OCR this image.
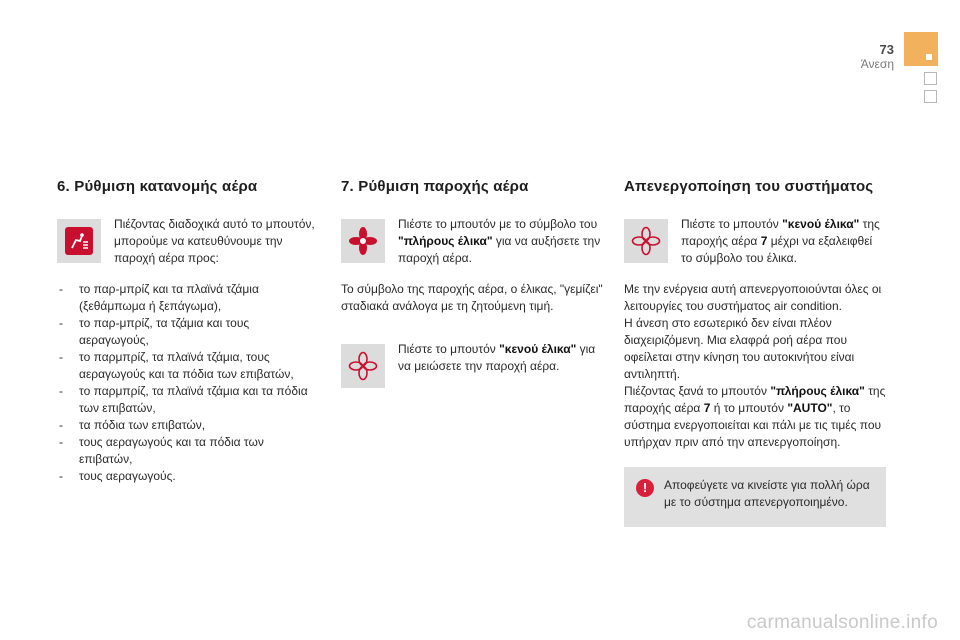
73
Άνεση
6. Ρύθμιση κατανομής αέρα
Πιέζοντας διαδοχικά αυτό το μπουτόν, μπορούμε να κατευθύνουμε την παροχή αέρα προς:
- το παρ-μπρίζ και τα πλαϊνά τζάμια (ξεθάμπωμα ή ξεπάγωμα),
- το παρ-μπρίζ, τα τζάμια και τους αεραγωγούς,
- το παρμπρίζ, τα πλαϊνά τζάμια, τους αεραγωγούς και τα πόδια των επιβατών,
- το παρμπρίζ, τα πλαϊνά τζάμια και τα πόδια των επιβατών,
- τα πόδια των επιβατών,
- τους αεραγωγούς και τα πόδια των επιβατών,
- τους αεραγωγούς.
7. Ρύθμιση παροχής αέρα
Πιέστε το μπουτόν με το σύμβολο του "πλήρους έλικα" για να αυξήσετε την παροχή αέρα.

Το σύμβολο της παροχής αέρα, ο έλικας, "γεμίζει" σταδιακά ανάλογα με τη ζητούμενη τιμή.

Πιέστε το μπουτόν "κενού έλικα" για να μειώσετε την παροχή αέρα.
Απενεργοποίηση του συστήματος
Πιέστε το μπουτόν "κενού έλικα" της παροχής αέρα 7 μέχρι να εξαλειφθεί το σύμβολο του έλικα.
Με την ενέργεια αυτή απενεργοποιούνται όλες οι λειτουργίες του συστήματος air condition.
Η άνεση στο εσωτερικό δεν είναι πλέον διαχειριζόμενη. Μια ελαφρά ροή αέρα που οφείλεται στην κίνηση του αυτοκινήτου είναι αντιληπτή.
Πιέζοντας ξανά το μπουτόν "πλήρους έλικα" της παροχής αέρα 7 ή το μπουτόν "AUTO", το σύστημα ενεργοποιείται και πάλι με τις τιμές που υπήρχαν πριν από την απενεργοποίηση.
!	Αποφεύγετε να κινείστε για πολλή ώρα με το σύστημα απενεργοποιημένο.
carmanualsonline.info
